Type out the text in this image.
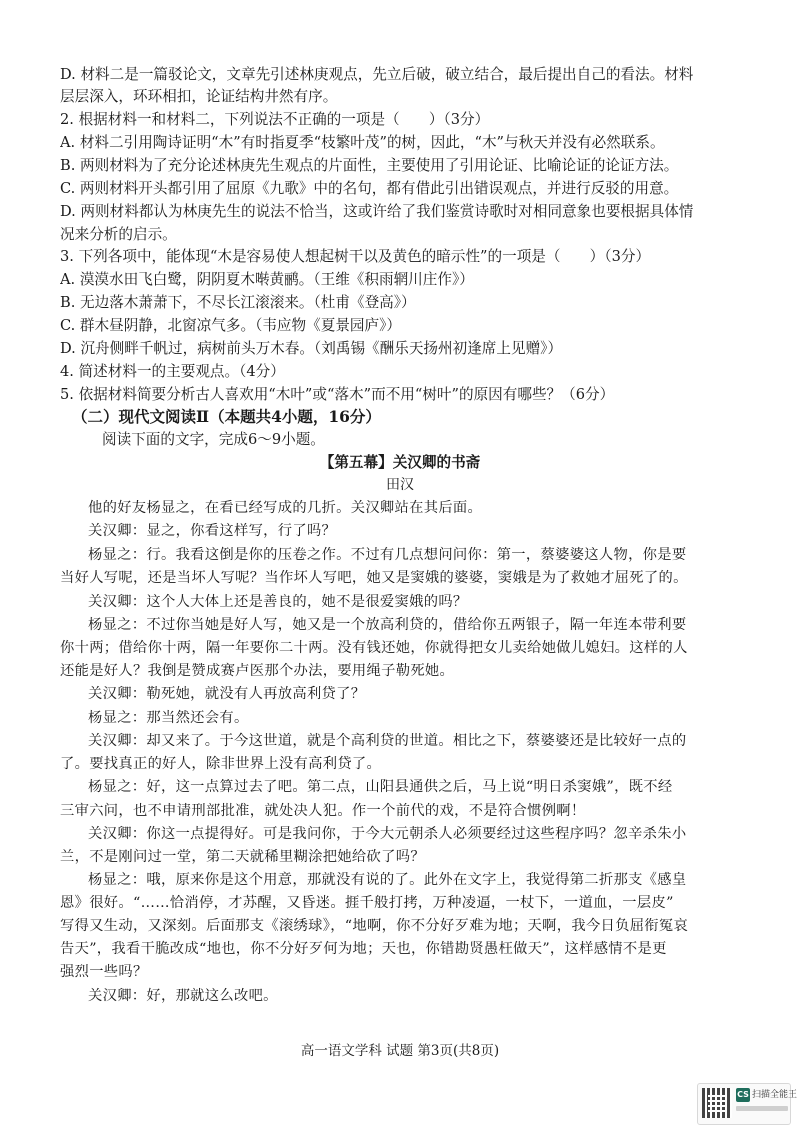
D. 材料二是一篇驳论文，文章先引述林庚观点，先立后破，破立结合，最后提出自己的看法。材料
层层深入，环环相扣，论证结构井然有序。
2. 根据材料一和材料二，下列说法不正确的一项是（　　）（3分）
A. 材料二引用陶诗证明“木”有时指夏季“枝繁叶茂”的树，因此，“木”与秋天并没有必然联系。
B. 两则材料为了充分论述林庚先生观点的片面性，主要使用了引用论证、比喻论证的论证方法。
C. 两则材料开头都引用了屈原《九歌》中的名句，都有借此引出错误观点，并进行反驳的用意。
D. 两则材料都认为林庚先生的说法不恰当，这或许给了我们鉴赏诗歌时对相同意象也要根据具体情
况来分析的启示。
3. 下列各项中，能体现“木是容易使人想起树干以及黄色的暗示性”的一项是（　　）（3分）
A. 漠漠水田飞白鹭，阴阴夏木啭黄鹂。（王维《积雨辋川庄作》）
B. 无边落木萧萧下，不尽长江滚滚来。（杜甫《登高》）
C. 群木昼阴静，北窗凉气多。（韦应物《夏景园庐》）
D. 沉舟侧畔千帆过，病树前头万木春。（刘禹锡《酬乐天扬州初逢席上见赠》）
4. 简述材料一的主要观点。（4分）
5. 依据材料简要分析古人喜欢用“木叶”或“落木”而不用“树叶”的原因有哪些？（6分）
（二）现代文阅读Ⅱ（本题共4小题，16分）
阅读下面的文字，完成6～9小题。
【第五幕】关汉卿的书斋
田汉
他的好友杨显之，在看已经写成的几折。关汉卿站在其后面。
关汉卿：显之，你看这样写，行了吗？
杨显之：行。我看这倒是你的压卷之作。不过有几点想问问你：第一，蔡婆婆这人物，你是要
当好人写呢，还是当坏人写呢？当作坏人写吧，她又是窦娥的婆婆，窦娥是为了救她才屈死了的。
关汉卿：这个人大体上还是善良的，她不是很爱窦娥的吗？
杨显之：不过你当她是好人写，她又是一个放高利贷的，借给你五两银子，隔一年连本带利要
你十两；借给你十两，隔一年要你二十两。没有钱还她，你就得把女儿卖给她做儿媳妇。这样的人
还能是好人？我倒是赞成赛卢医那个办法，要用绳子勒死她。
关汉卿：勒死她，就没有人再放高利贷了？
杨显之：那当然还会有。
关汉卿：却又来了。于今这世道，就是个高利贷的世道。相比之下，蔡婆婆还是比较好一点的
了。要找真正的好人，除非世界上没有高利贷了。
杨显之：好，这一点算过去了吧。第二点，山阳县通供之后，马上说“明日杀窦娥”，既不经
三审六问，也不申请刑部批准，就处决人犯。作一个前代的戏，不是符合惯例啊！
关汉卿：你这一点提得好。可是我问你，于今大元朝杀人必须要经过这些程序吗？忽辛杀朱小
兰，不是刚问过一堂，第二天就稀里糊涂把她给砍了吗？
杨显之：哦，原来你是这个用意，那就没有说的了。此外在文字上，我觉得第二折那支《感皇
恩》很好。“……恰消停，才苏醒，又昏迷。捱千般打拷，万种凌逼，一杖下，一道血，一层皮”
写得又生动，又深刻。后面那支《滚绣球》，“地啊，你不分好歹难为地；天啊，我今日负屈衔冤哀
告天”，我看干脆改成“地也，你不分好歹何为地；天也，你错勘贤愚枉做天”，这样感情不是更
强烈一些吗？
关汉卿：好，那就这么改吧。
高一语文学科 试题 第3页(共8页)
CS 扫描全能王
